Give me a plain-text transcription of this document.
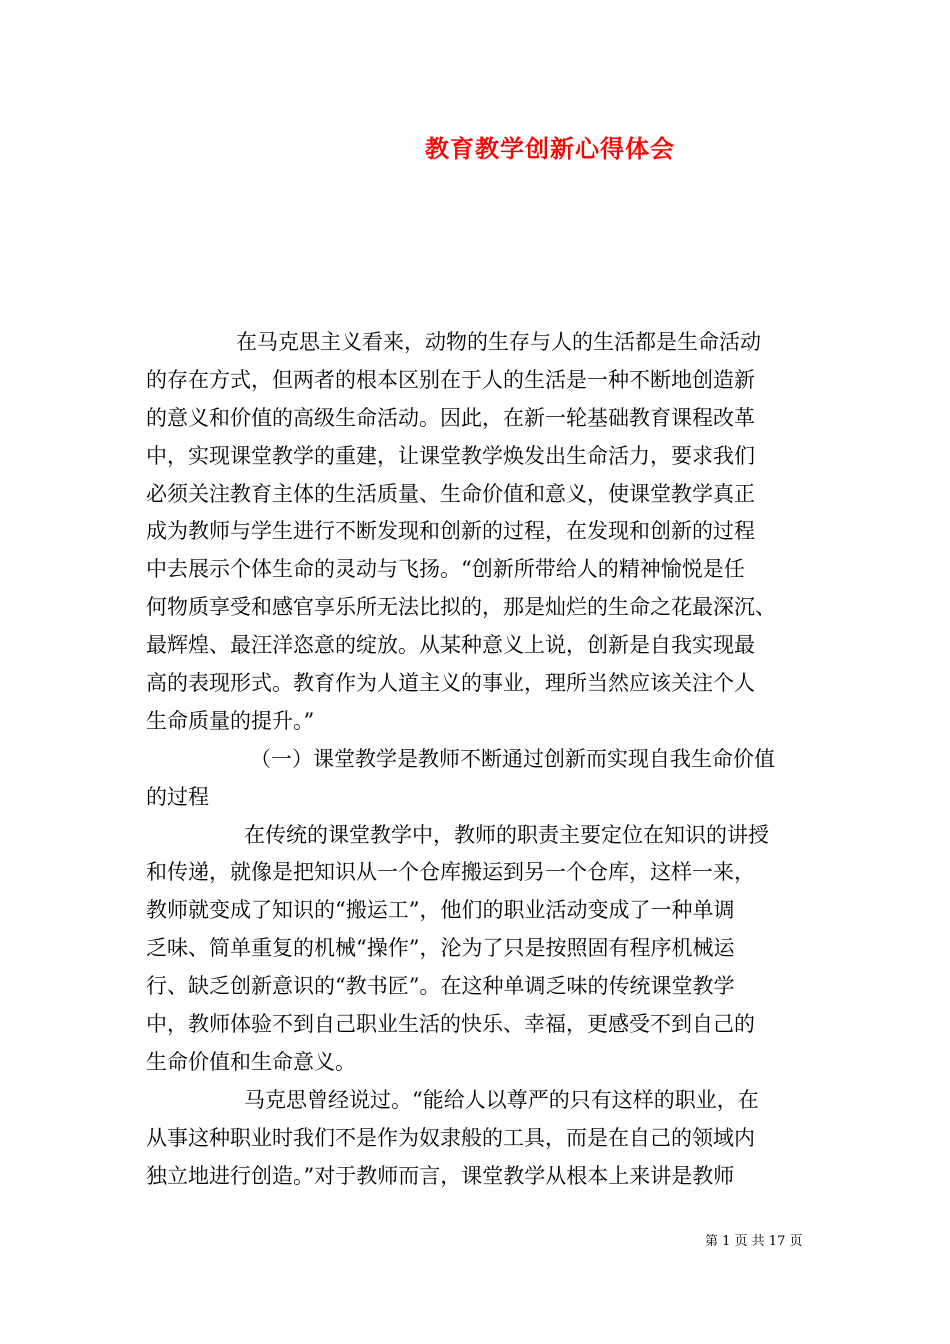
教育教学创新心得体会
在马克思主义看来，动物的生存与人的生活都是生命活动
的存在方式，但两者的根本区别在于人的生活是一种不断地创造新
的意义和价值的高级生命活动。因此，在新一轮基础教育课程改革
中，实现课堂教学的重建，让课堂教学焕发出生命活力，要求我们
必须关注教育主体的生活质量、生命价值和意义，使课堂教学真正
成为教师与学生进行不断发现和创新的过程，在发现和创新的过程
中去展示个体生命的灵动与飞扬。“创新所带给人的精神愉悦是任
何物质享受和感官享乐所无法比拟的，那是灿烂的生命之花最深沉、
最辉煌、最汪洋恣意的绽放。从某种意义上说，创新是自我实现最
高的表现形式。教育作为人道主义的事业，理所当然应该关注个人
生命质量的提升。”
（一）课堂教学是教师不断通过创新而实现自我生命价值
的过程
在传统的课堂教学中，教师的职责主要定位在知识的讲授
和传递，就像是把知识从一个仓库搬运到另一个仓库，这样一来，
教师就变成了知识的“搬运工”，他们的职业活动变成了一种单调
乏味、简单重复的机械“操作”，沦为了只是按照固有程序机械运
行、缺乏创新意识的“教书匠”。在这种单调乏味的传统课堂教学
中，教师体验不到自己职业生活的快乐、幸福，更感受不到自己的
生命价值和生命意义。
马克思曾经说过。“能给人以尊严的只有这样的职业，在
从事这种职业时我们不是作为奴隶般的工具，而是在自己的领域内
独立地进行创造。”对于教师而言，课堂教学从根本上来讲是教师
第 1 页 共 17 页
